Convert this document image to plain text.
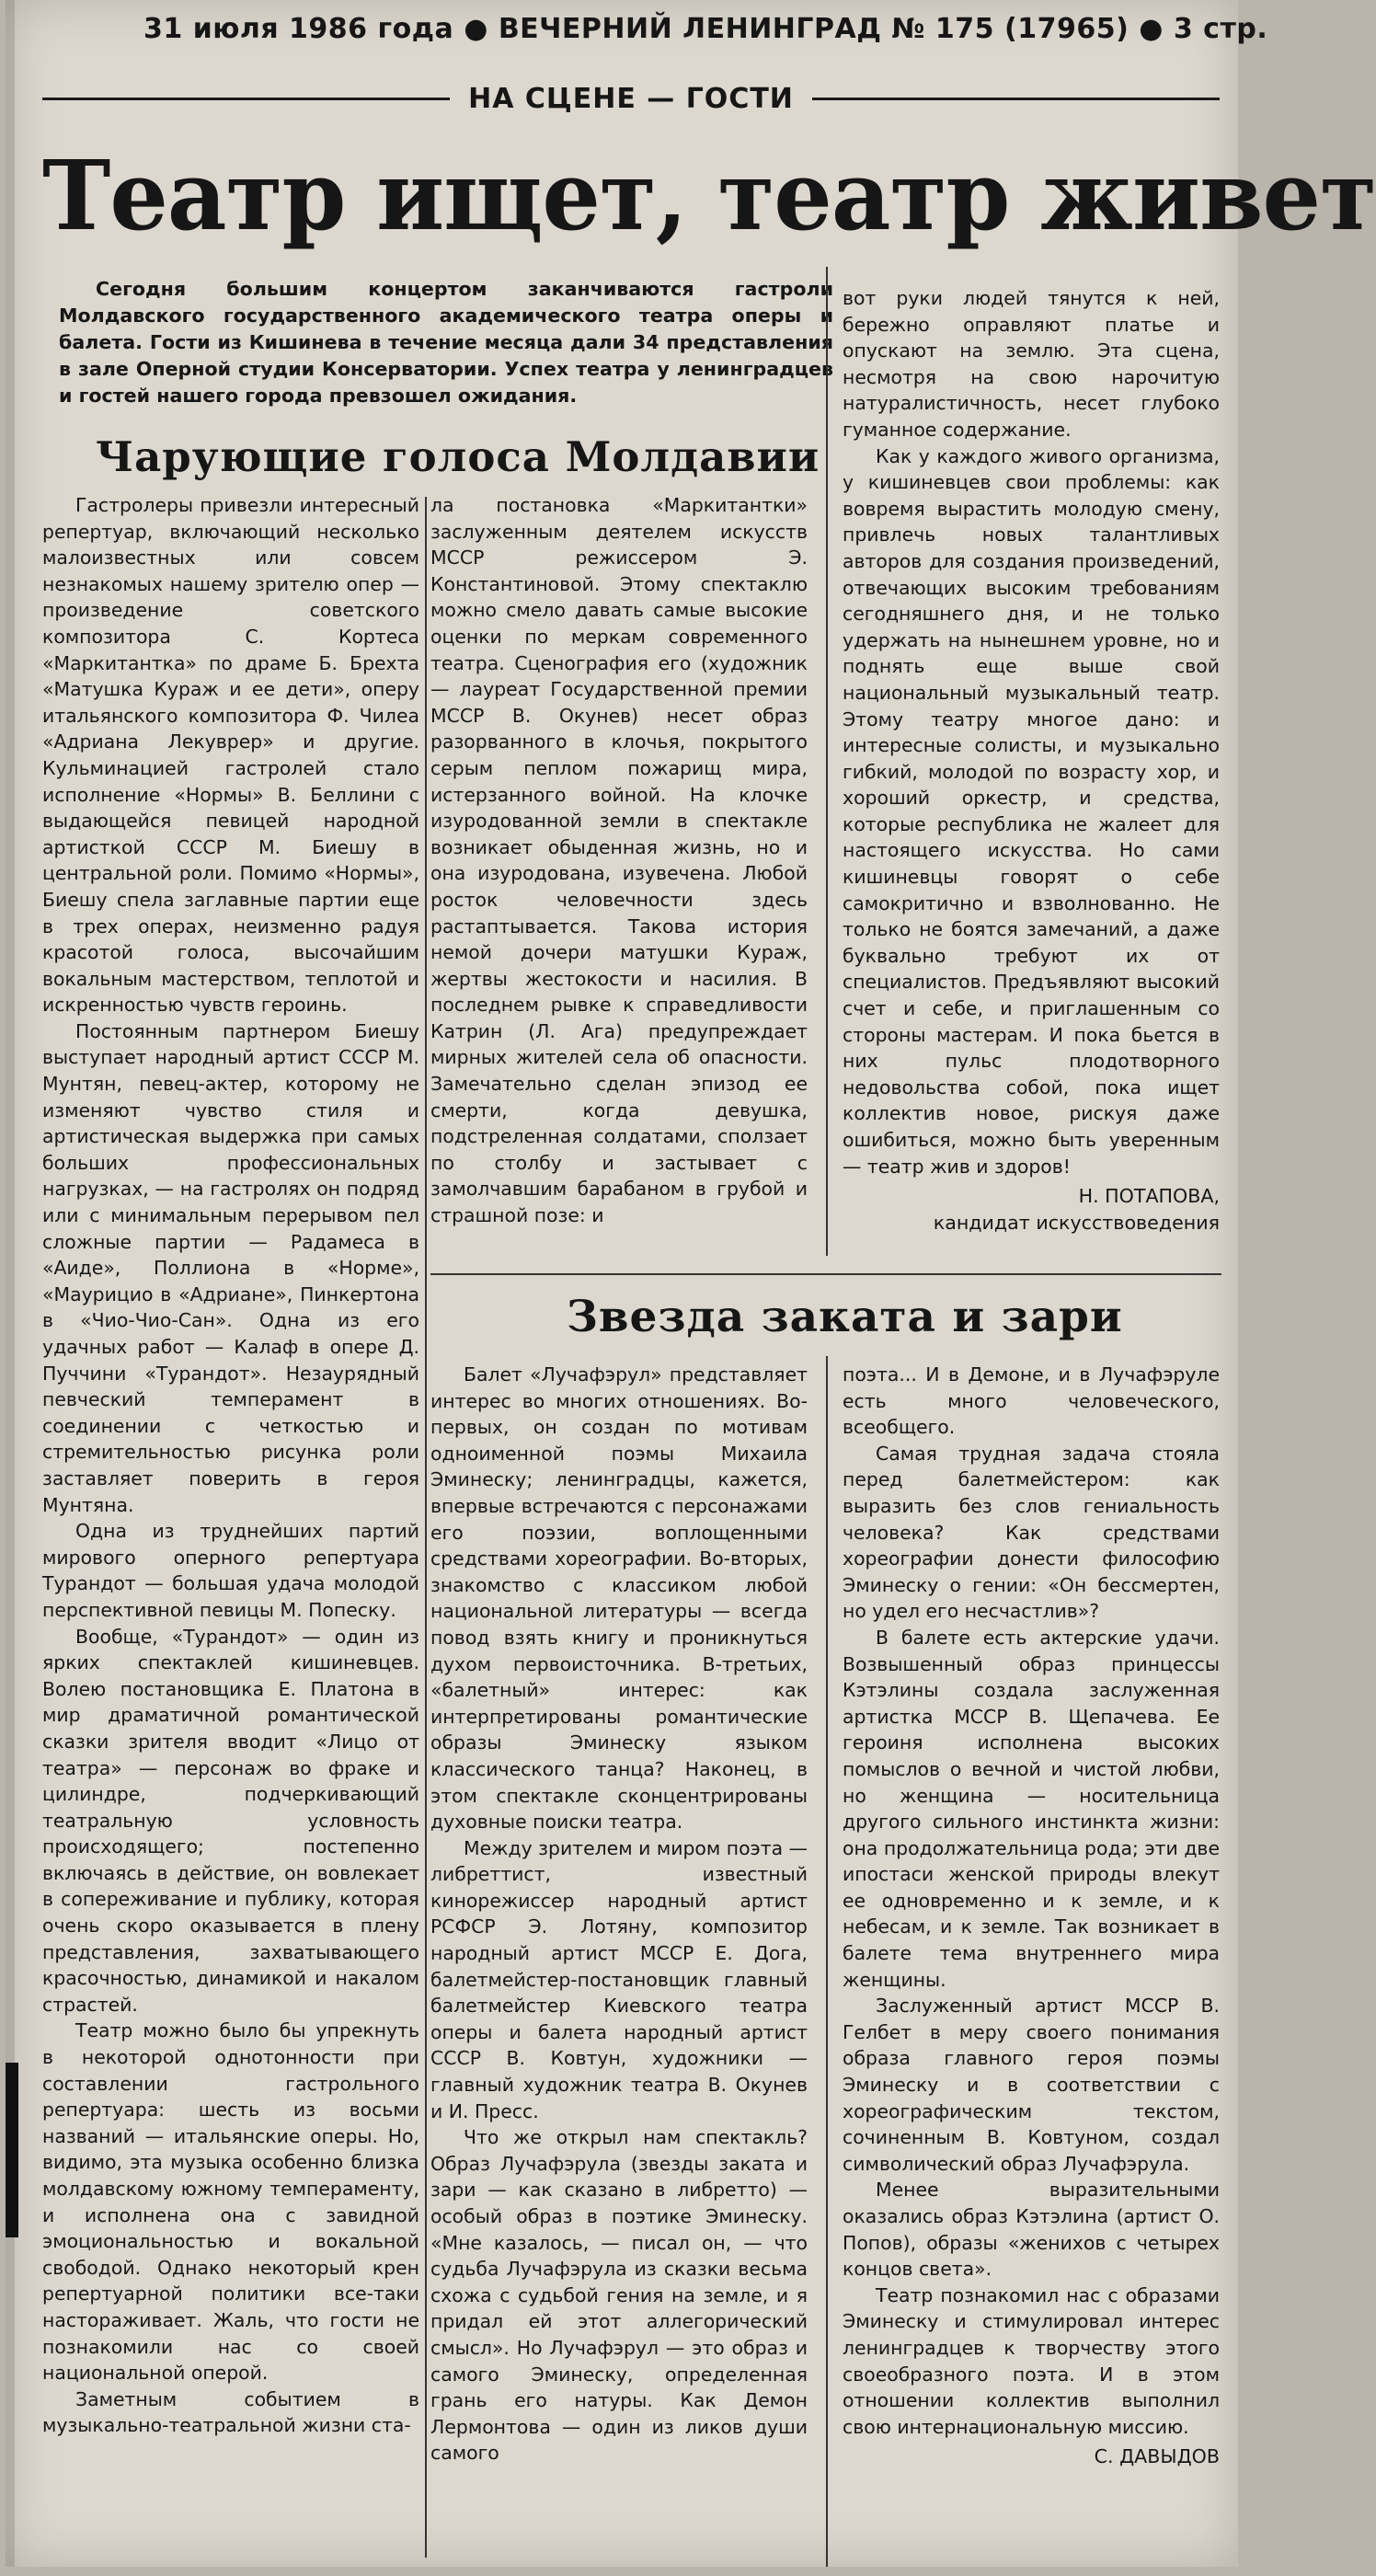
31 июля 1986 года ● ВЕЧЕРНИЙ ЛЕНИНГРАД № 175 (17965) ● 3 стр.
НА СЦЕНЕ — ГОСТИ
Театр ищет, театр живет
Сегодня большим концертом заканчиваются гастроли Молдавского государственного академического театра оперы и балета. Гости из Кишинева в течение месяца дали 34 представления в зале Оперной студии Консерватории. Успех театра у ленинградцев и гостей нашего города превзошел ожидания.
Чарующие голоса Молдавии

Гастролеры привезли интересный репертуар, включающий несколько малоизвестных или совсем незнакомых нашему зрителю опер — произведение советского композитора С. Кортеса «Маркитантка» по драме Б. Брехта «Матушка Кураж и ее дети», оперу итальянского композитора Ф. Чилеа «Адриана Лекуврер» и другие. Кульминацией гастролей стало исполнение «Нормы» В. Беллини с выдающейся певицей народной артисткой СССР М. Биешу в центральной роли. Помимо «Нормы», Биешу спела заглавные партии еще в трех операх, неизменно радуя красотой голоса, высочайшим вокальным мастерством, теплотой и искренностью чувств героинь.

Постоянным партнером Биешу выступает народный артист СССР М. Мунтян, певец-актер, которому не изменяют чувство стиля и артистическая выдержка при самых больших профессиональных нагрузках, — на гастролях он подряд или с минимальным перерывом пел сложные партии — Радамеса в «Аиде», Поллиона в «Норме», «Маурицио в «Адриане», Пинкертона в «Чио-Чио-Сан». Одна из его удачных работ — Калаф в опере Д. Пуччини «Турандот». Незаурядный певческий темперамент в соединении с четкостью и стремительностью рисунка роли заставляет поверить в героя Мунтяна.

Одна из труднейших партий мирового оперного репертуара Турандот — большая удача молодой перспективной певицы М. Попеску.

Вообще, «Турандот» — один из ярких спектаклей кишиневцев. Волею постановщика Е. Платона в мир драматичной романтической сказки зрителя вводит «Лицо от театра» — персонаж во фраке и цилиндре, подчеркивающий театральную условность происходящего; постепенно включаясь в действие, он вовлекает в сопереживание и публику, которая очень скоро оказывается в плену представления, захватывающего красочностью, динамикой и накалом страстей.

Театр можно было бы упрекнуть в некоторой однотонности при составлении гастрольного репертуара: шесть из восьми названий — итальянские оперы. Но, видимо, эта музыка особенно близка молдавскому южному темпераменту, и исполнена она с завидной эмоциональностью и вокальной свободой. Однако некоторый крен репертуарной политики все-таки настораживает. Жаль, что гости не познакомили нас со своей национальной оперой.

Заметным событием в музыкально-театральной жизни ста-

ла постановка «Маркитантки» заслуженным деятелем искусств МССР режиссером Э. Константиновой. Этому спектаклю можно смело давать самые высокие оценки по меркам современного театра. Сценография его (художник — лауреат Государственной премии МССР В. Окунев) несет образ разорванного в клочья, покрытого серым пеплом пожарищ мира, истерзанного войной. На клочке изуродованной земли в спектакле возникает обыденная жизнь, но и она изуродована, изувечена. Любой росток человечности здесь растаптывается. Такова история немой дочери матушки Кураж, жертвы жестокости и насилия. В последнем рывке к справедливости Катрин (Л. Ага) предупреждает мирных жителей села об опасности. Замечательно сделан эпизод ее смерти, когда девушка, подстреленная солдатами, сползает по столбу и застывает с замолчавшим барабаном в грубой и страшной позе: и

вот руки людей тянутся к ней, бережно оправляют платье и опускают на землю. Эта сцена, несмотря на свою нарочитую натуралистичность, несет глубоко гуманное содержание.

Как у каждого живого организма, у кишиневцев свои проблемы: как вовремя вырастить молодую смену, привлечь новых талантливых авторов для создания произведений, отвечающих высоким требованиям сегодняшнего дня, и не только удержать на нынешнем уровне, но и поднять еще выше свой национальный музыкальный театр. Этому театру многое дано: и интересные солисты, и музыкально гибкий, молодой по возрасту хор, и хороший оркестр, и средства, которые республика не жалеет для настоящего искусства. Но сами кишиневцы говорят о себе самокритично и взволнованно. Не только не боятся замечаний, а даже буквально требуют их от специалистов. Предъявляют высокий счет и себе, и приглашенным со стороны мастерам. И пока бьется в них пульс плодотворного недовольства собой, пока ищет коллектив новое, рискуя даже ошибиться, можно быть уверенным — театр жив и здоров!

Н. ПОТАПОВА,
кандидат искусствоведения
Звезда заката и зари

Балет «Лучафэрул» представляет интерес во многих отношениях. Во-первых, он создан по мотивам одноименной поэмы Михаила Эминеску; ленинградцы, кажется, впервые встречаются с персонажами его поэзии, воплощенными средствами хореографии. Во-вторых, знакомство с классиком любой национальной литературы — всегда повод взять книгу и проникнуться духом первоисточника. В-третьих, «балетный» интерес: как интерпретированы романтические образы Эминеску языком классического танца? Наконец, в этом спектакле сконцентрированы духовные поиски театра.

Между зрителем и миром поэта — либреттист, известный кинорежиссер народный артист РСФСР Э. Лотяну, композитор народный артист МССР Е. Дога, балетмейстер-постановщик главный балетмейстер Киевского театра оперы и балета народный артист СССР В. Ковтун, художники — главный художник театра В. Окунев и И. Пресс.

Что же открыл нам спектакль? Образ Лучафэрула (звезды заката и зари — как сказано в либретто) — особый образ в поэтике Эминеску. «Мне казалось, — писал он, — что судьба Лучафэрула из сказки весьма схожа с судьбой гения на земле, и я придал ей этот аллегорический смысл». Но Лучафэрул — это образ и самого Эминеску, определенная грань его натуры. Как Демон Лермонтова — один из ликов души самого

поэта... И в Демоне, и в Лучафэруле есть много человеческого, всеобщего.

Самая трудная задача стояла перед балетмейстером: как выразить без слов гениальность человека? Как средствами хореографии донести философию Эминеску о гении: «Он бессмертен, но удел его несчастлив»?

В балете есть актерские удачи. Возвышенный образ принцессы Кэтэлины создала заслуженная артистка МССР В. Щепачева. Ее героиня исполнена высоких помыслов о вечной и чистой любви, но женщина — носительница другого сильного инстинкта жизни: она продолжательница рода; эти две ипостаси женской природы влекут ее одновременно и к земле, и к небесам, и к земле. Так возникает в балете тема внутреннего мира женщины.

Заслуженный артист МССР В. Гелбет в меру своего понимания образа главного героя поэмы Эминеску и в соответствии с хореографическим текстом, сочиненным В. Ковтуном, создал символический образ Лучафэрула.

Менее выразительными оказались образ Кэтэлина (артист О. Попов), образы «женихов с четырех концов света».

Театр познакомил нас с образами Эминеску и стимулировал интерес ленинградцев к творчеству этого своеобразного поэта. И в этом отношении коллектив выполнил свою интернациональную миссию.

С. ДАВЫДОВ
